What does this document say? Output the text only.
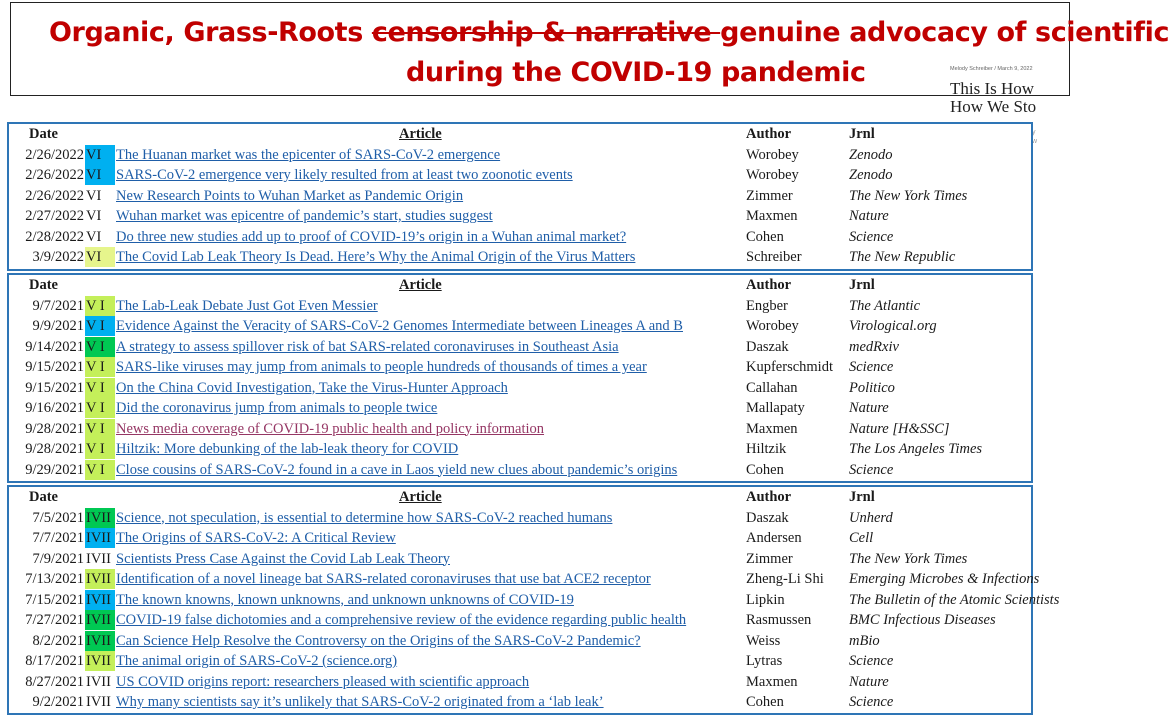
Organic, Grass-Roots censorship & narrative genuine advocacy of scientific
during the COVID-19 pandemic	Melody Schreiber / March 9, 2022
This Is How
How We Sto
y
w
Date	Article	Author	Jrnl
2/26/2022 VI	The Huanan market was the epicenter of SARS-CoV-2 emergence	Worobey	Zenodo
2/26/2022 VI	SARS-CoV-2 emergence very likely resulted from at least two zoonotic events	Worobey	Zenodo
2/26/2022 VI	New Research Points to Wuhan Market as Pandemic Origin	Zimmer	The New York Times
2/27/2022 VI	Wuhan market was epicentre of pandemic’s start, studies suggest	Maxmen	Nature
2/28/2022 VI	Do three new studies add up to proof of COVID-19’s origin in a Wuhan animal market?	Cohen	Science
3/9/2022 VI	The Covid Lab Leak Theory Is Dead. Here’s Why the Animal Origin of the Virus Matters	Schreiber	The New Republic
Date	Article	Author	Jrnl
9/7/2021 V I The Lab-Leak Debate Just Got Even Messier	Engber	The Atlantic
9/9/2021 V I Evidence Against the Veracity of SARS-CoV-2 Genomes Intermediate between Lineages A and B	Worobey	Virological.org
9/14/2021 V I A strategy to assess spillover risk of bat SARS-related coronaviruses in Southeast Asia	Daszak	medRxiv
9/15/2021 V I SARS-like viruses may jump from animals to people hundreds of thousands of times a year	Kupferschmidt	Science
9/15/2021 V I On the China Covid Investigation, Take the Virus-Hunter Approach	Callahan	Politico
9/16/2021 V I Did the coronavirus jump from animals to people twice	Mallapaty	Nature
9/28/2021 V I News media coverage of COVID-19 public health and policy information	Maxmen	Nature [H&SSC]
9/28/2021 V I Hiltzik: More debunking of the lab-leak theory for COVID	Hiltzik	The Los Angeles Times
9/29/2021 V I Close cousins of SARS-CoV-2 found in a cave in Laos yield new clues about pandemic’s origins	Cohen	Science
Date	Article	Author	Jrnl
7/5/2021 IVII Science, not speculation, is essential to determine how SARS-CoV-2 reached humans	Daszak	Unherd
7/7/2021 IVII The Origins of SARS-CoV-2: A Critical Review	Andersen	Cell
7/9/2021 IVII Scientists Press Case Against the Covid Lab Leak Theory	Zimmer	The New York Times
7/13/2021 IVII Identification of a novel lineage bat SARS-related coronaviruses that use bat ACE2 receptor	Zheng-Li Shi	Emerging Microbes & Infections
7/15/2021 IVII The known knowns, known unknowns, and unknown unknowns of COVID-19	Lipkin	The Bulletin of the Atomic Scientists
7/27/2021 IVII COVID-19 false dichotomies and a comprehensive review of the evidence regarding public health	Rasmussen	BMC Infectious Diseases
8/2/2021 IVII Can Science Help Resolve the Controversy on the Origins of the SARS-CoV-2 Pandemic?	Weiss	mBio
8/17/2021 IVII The animal origin of SARS-CoV-2 (science.org)	Lytras	Science
8/27/2021 IVII US COVID origins report: researchers pleased with scientific approach	Maxmen	Nature
9/2/2021 IVII Why many scientists say it’s unlikely that SARS-CoV-2 originated from a ‘lab leak’	Cohen	Science
